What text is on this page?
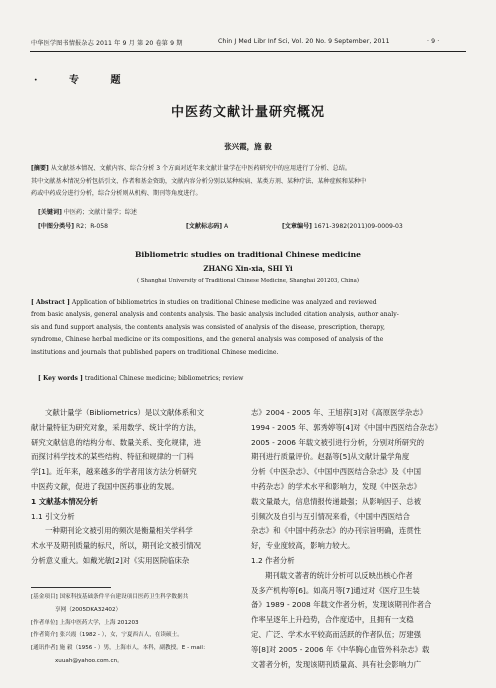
中华医学图书情报杂志 2011 年 9 月 第 20 卷第 9 期	Chin J Med Libr Inf Sci, Vol. 20 No. 9 September, 2011	· 9 ·
· 专 题
中医药文献计量研究概况
张兴霞，施 毅

[摘要] 从文献基本情况、文献内容、综合分析 3 个方面对近年来文献计量学在中医药研究中的应用进行了分析、总结。

其中文献基本情况分析包括引文、作者和基金资助，文献内容分析分别以某种疾病、某类方剂、某种疗法、某种症候和某种中

药或中药成分进行分析，综合分析则从机构、期刊等角度进行。

[关键词] 中医药；文献计量学；综述
[中图分类号] R2；R-058	[文献标志码] A	[文章编号] 1671-3982(2011)09-0009-03
Bibliometric studies on traditional Chinese medicine
ZHANG Xin-xia, SHI Yi
( Shanghai University of Traditional Chinese Medicine, Shanghai 201203, China)

[ Abstract ] Application of bibliometrics in studies on traditional Chinese medicine was analyzed and reviewed

from basic analysis, general analysis and contents analysis. The basic analysis included citation analysis, author analy-

sis and fund support analysis, the contents analysis was consisted of analysis of the disease, prescription, therapy,

syndrome, Chinese herbal medicine or its compositions, and the general analysis was composed of analysis of the

institutions and journals that published papers on traditional Chinese medicine.

[ Key words ] traditional Chinese medicine; bibliometrics; review

文献计量学（Bibliometrics）是以文献体系和文

献计量特征为研究对象，采用数学、统计学的方法，

研究文献信息的结构分布、数量关系、变化规律，进

而探讨科学技术的某些结构、特征和规律的一门科

学[1]。近年来，越来越多的学者用该方法分析研究

中医药文献，促进了我国中医药事业的发展。

1 文献基本情况分析

1.1 引文分析

一种期刊论文被引用的频次是衡量相关学科学

术水平及期刊质量的标尺，所以，期刊论文被引情况

分析意义重大。如戴光敏[2]对《实用医院临床杂

志》2004 - 2005 年、王旭荐[3]对《高原医学杂志》

1994 - 2005 年、郭秀婷等[4]对《中国中西医结合杂志》

2005 - 2006 年载文被引进行分析，分别对所研究的

期刊进行质量评价。赵磊等[5]从文献计量学角度

分析《中医杂志》、《中国中西医结合杂志》及《中国

中药杂志》的学术水平和影响力，发现《中医杂志》

载文量最大，信息情报传递最强；从影响因子、总被

引频次及自引与互引情况来看，《中国中西医结合

杂志》和《中国中药杂志》的办刊宗旨明确，连贯性

好，专业度较高，影响力较大。

1.2 作者分析

期刊载文著者的统计分析可以反映出核心作者

及多产机构等[6]。如高月等[7]通过对《医疗卫生装

备》1989 - 2008 年载文作者分析，发现该期刊作者合

作率呈逐年上升趋势，合作度适中，且拥有一支稳

定、广泛、学术水平较高而活跃的作者队伍；厉建强

等[8]对 2005 - 2006 年《中华胸心血管外科杂志》载

文著者分析，发现该期刊质量高、具有社会影响力广

[基金项目] 国家科技基础条件平台建设项目医药卫生科学数据共

享网（2005DKA32402）

[作者单位] 上海中医药大学，上海 201203

[作者简介] 张兴霞（1982 - ），女，宁夏西吉人，在读硕士。

[通讯作者] 施 毅（1956 - ）男，上海市人，本科，副教授。E - mail：

xuuah@yahoo.com.cn。
